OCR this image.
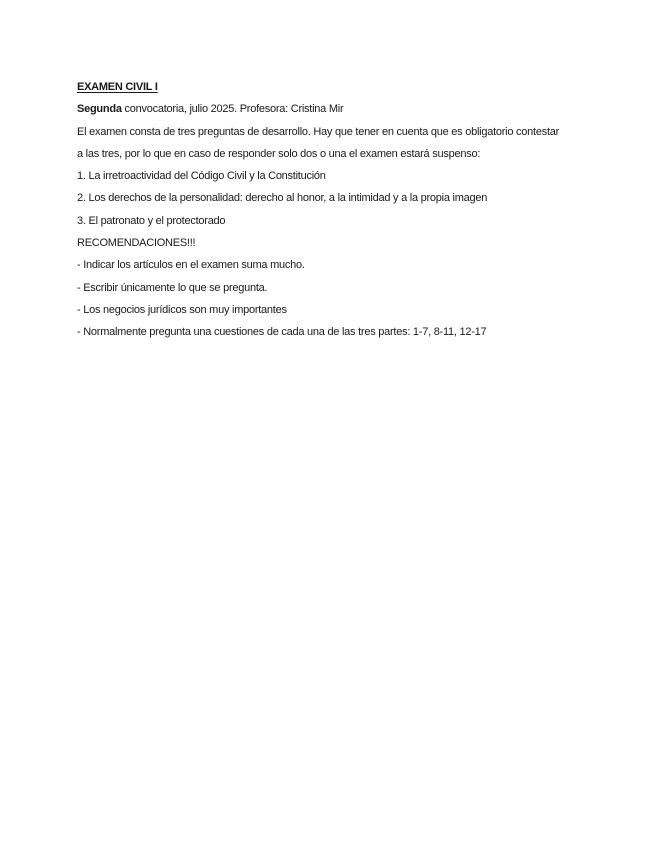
EXAMEN CIVIL I
Segunda convocatoria, julio 2025. Profesora: Cristina Mir
El examen consta de tres preguntas de desarrollo. Hay que tener en cuenta que es obligatorio contestar
a las tres, por lo que en caso de responder solo dos o una el examen estará suspenso:
1. La irretroactividad del Código Civil y la Constitución
2. Los derechos de la personalidad: derecho al honor, a la intimidad y a la propia imagen
3. El patronato y el protectorado
RECOMENDACIONES!!!
- Indicar los artículos en el examen suma mucho.
- Escribir únicamente lo que se pregunta.
- Los negocios jurídicos son muy importantes
- Normalmente pregunta una cuestiones de cada una de las tres partes: 1-7, 8-11, 12-17
